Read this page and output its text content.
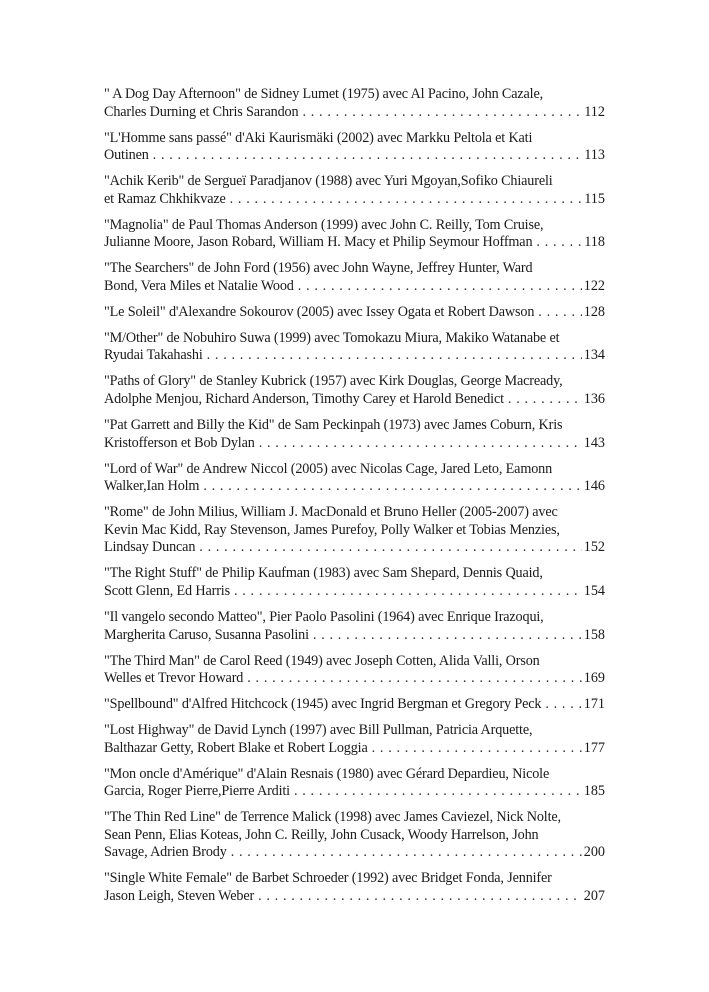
" A Dog Day Afternoon" de Sidney Lumet (1975) avec Al Pacino, John Cazale,
Charles Durning et Chris Sarandon . . .	112
"L'Homme sans passé" d'Aki Kaurismäki (2002) avec Markku Peltola et Kati
Outinen . . .	113
"Achik Kerib" de Sergueï Paradjanov (1988) avec Yuri Mgoyan,Sofiko Chiaureli
et Ramaz Chkhikvaze . . .	115
"Magnolia" de Paul Thomas Anderson (1999) avec John C. Reilly, Tom Cruise,
Julianne Moore, Jason Robard, William H. Macy et Philip Seymour Hoffman . . .	118
"The Searchers" de John Ford (1956) avec John Wayne, Jeffrey Hunter, Ward
Bond, Vera Miles et Natalie Wood . . .	122
"Le Soleil" d'Alexandre Sokourov (2005) avec Issey Ogata et Robert Dawson . . .	128
"M/Other" de Nobuhiro Suwa (1999) avec Tomokazu Miura, Makiko Watanabe et
Ryudai Takahashi . . .	134
"Paths of Glory" de Stanley Kubrick (1957) avec Kirk Douglas, George Macready,
Adolphe Menjou, Richard Anderson, Timothy Carey et Harold Benedict . . .	136
"Pat Garrett and Billy the Kid" de Sam Peckinpah (1973) avec James Coburn, Kris
Kristofferson et Bob Dylan . . .	143
"Lord of War" de Andrew Niccol (2005) avec Nicolas Cage, Jared Leto, Eamonn
Walker,Ian Holm . . .	146
"Rome" de John Milius, William J. MacDonald et Bruno Heller (2005-2007) avec
Kevin Mac Kidd, Ray Stevenson, James Purefoy, Polly Walker et Tobias Menzies,
Lindsay Duncan . . .	152
"The Right Stuff" de Philip Kaufman (1983) avec Sam Shepard, Dennis Quaid,
Scott Glenn, Ed Harris . . .	154
"Il vangelo secondo Matteo", Pier Paolo Pasolini (1964) avec Enrique Irazoqui,
Margherita Caruso, Susanna Pasolini . . .	158
"The Third Man" de Carol Reed (1949) avec Joseph Cotten, Alida Valli, Orson
Welles et Trevor Howard . . .	169
"Spellbound" d'Alfred Hitchcock (1945) avec Ingrid Bergman et Gregory Peck . . .	171
"Lost Highway" de David Lynch (1997) avec Bill Pullman, Patricia Arquette,
Balthazar Getty, Robert Blake et Robert Loggia . . .	177
"Mon oncle d'Amérique" d'Alain Resnais (1980) avec Gérard Depardieu, Nicole
Garcia, Roger Pierre,Pierre Arditi . . .	185
"The Thin Red Line" de Terrence Malick (1998) avec James Caviezel, Nick Nolte,
Sean Penn, Elias Koteas, John C. Reilly, John Cusack, Woody Harrelson, John
Savage, Adrien Brody . . .	200
"Single White Female" de Barbet Schroeder (1992) avec Bridget Fonda, Jennifer
Jason Leigh, Steven Weber . . .	207
